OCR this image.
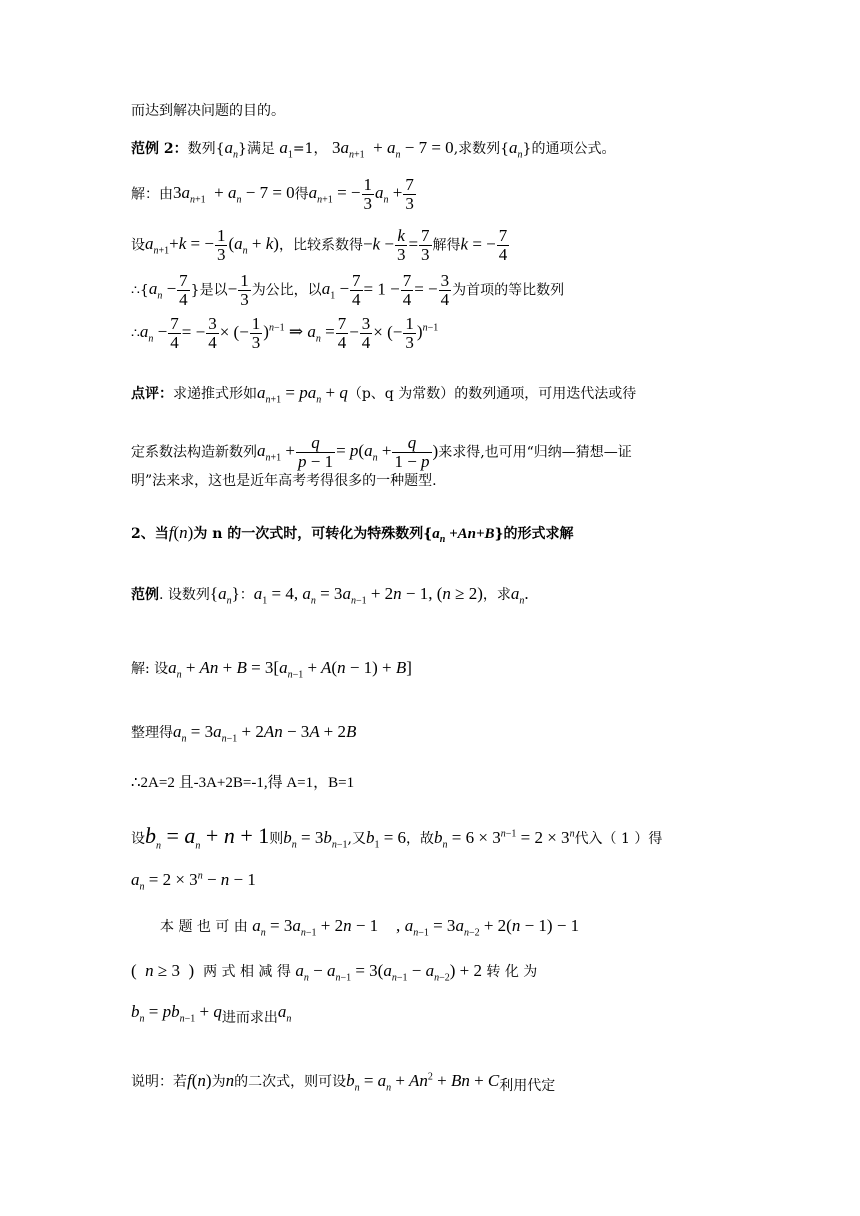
而达到解决问题的目的。
范例 2：数列$\{a_n\}$满足 $a_1=1$， $3a_{n+1} + a_n - 7 = 0$,求数列$\{a_n\}$的通项公式。
解：由$3a_{n+1} + a_n - 7 = 0$得$a_{n+1}$ = − $\frac{1}{3} a_n + \frac{7}{3}$
设$a_{n+1}+k$ = − $\frac{1}{3} (a_n + k)$，比较系数得$-k - \frac{k}{3} = \frac{7}{3}$ 解得k = − $\frac{7}{4}$
$\therefore\{a_n - \frac{7}{4}$ }是以− $\frac{1}{3}$ 为公比，以$a_1 - \frac{7}{4} = 1 - \frac{7}{4}$ = − $\frac{3}{4}$ 为首项的等比数列
$\therefore a_n - \frac{7}{4}$ = − $\frac{3}{4}$ × (− $\frac{1}{3} )^{n-1}$ ⇒ $a_n = \frac{7}{4} - \frac{3}{4}$ × (− $\frac{1}{3} )^{n-1}$
点评：求递推式形如$a_{n+1} = pa_n + q(p$、q 为常数）的数列通项，可用迭代法或待
定系数法构造新数列$a_{n+1} + \frac{q}{p - 1} = p(a_n + \frac{q}{1 - p}$ )来求得,也可用“归纳—猜想—证
明”法来求，这也是近年高考考得很多的一种题型.
2、当f(n)为 n 的一次式时，可转化为特殊数列$\{a_n +An+B\}$的形式求解
范例. 设数列$\{a_n\}$：$a_1 = 4$, $a_n = 3a_{n-1} + 2n - 1$, (n ≥ 2)，求$a_n$.
解: 设$a_n + An + B = 3[a_{n-1} + A(n - 1) + B]$
整理得$a_n = 3a_{n-1} + 2An - 3A + 2B$
∴2A=2 且-3A+2B=-1,得 A=1，B=1
设$b_n = a_n + n + 1$则$b_n = 3b_{n-1}$,又$b_1 = 6$，故$b_n = 6 \times 3^{n-1} = 2 \times 3^n$代入（ 1 ）得
$a_n = 2 \times 3^n - n - 1$
本 题 也 可 由 $a_n = 3a_{n-1} + 2n - 1$ , $a_{n-1} = 3a_{n-2} + 2(n - 1) - 1$
(  n ≥ 3  ) 两 式 相 减 得 $a_n - a_{n-1} = 3(a_{n-1} - a_{n-2}) + 2$ 转 化 为
$b_n = pb_{n-1} + q$进而求出$a_n$
说明：若f(n)为n的二次式，则可设$b_n = a_n + An^2 + Bn + C$利用代定
